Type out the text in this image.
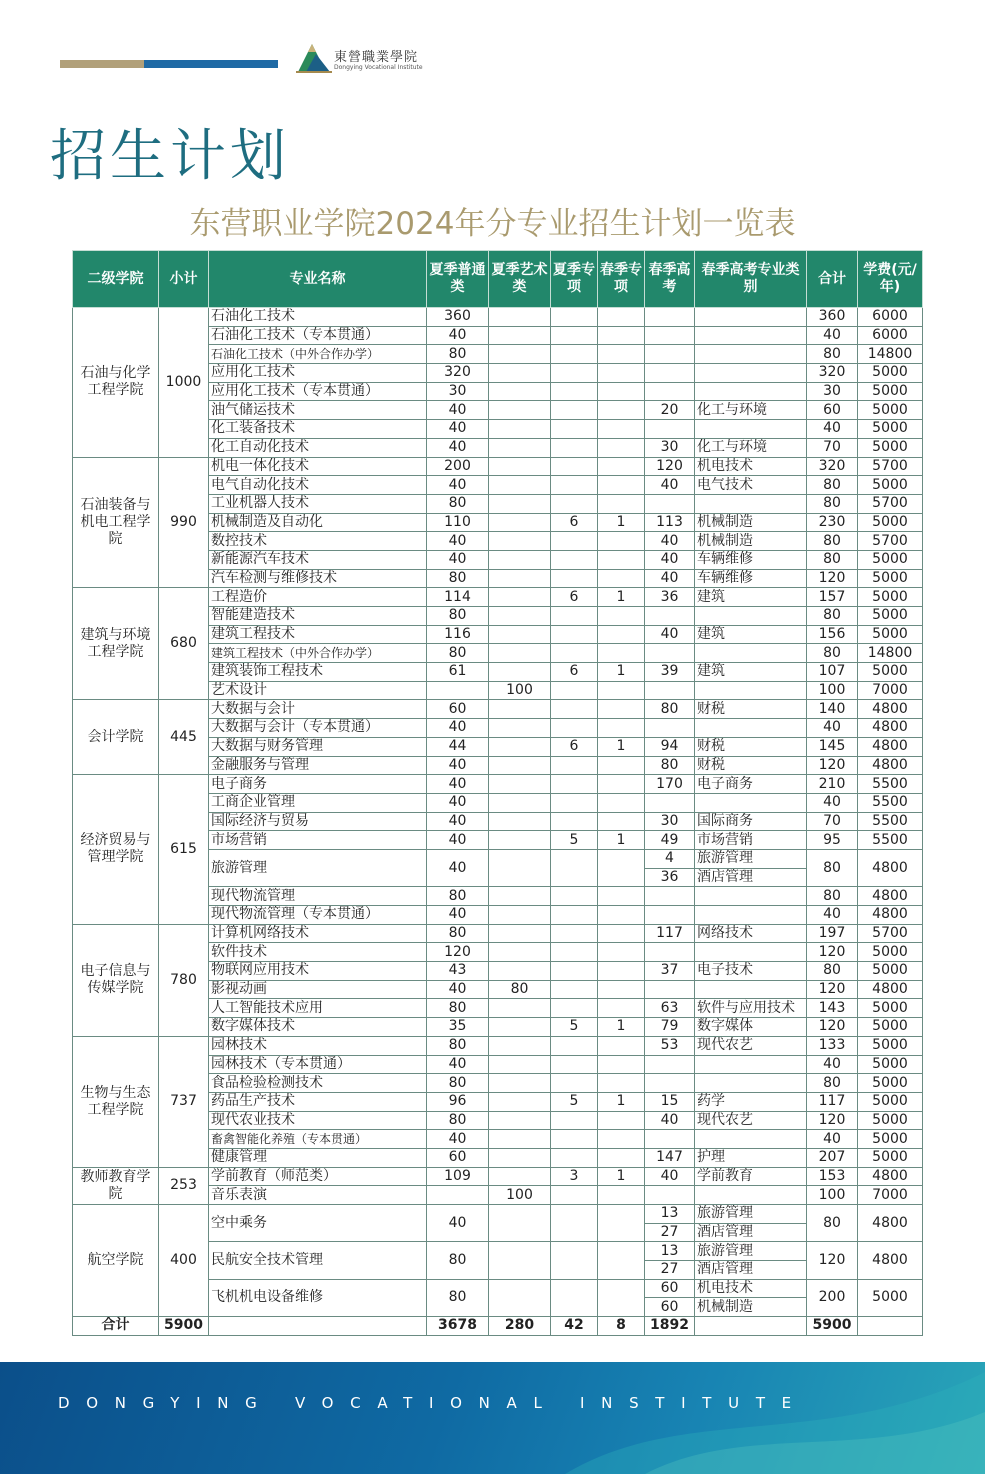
東營職業學院
Dongying Vocational Institute
招生计划
东营职业学院2024年分专业招生计划一览表
二级学院	小计	专业名称	夏季普通类	夏季艺术类	夏季专项	春季专项	春季高考	春季高考专业类别	合计	学费(元/年)
石油与化学工程学院	1000	石油化工技术	360						360	6000
		石油化工技术（专本贯通）	40						40	6000
		石油化工技术（中外合作办学）	80						80	14800
		应用化工技术	320						320	5000
		应用化工技术（专本贯通）	30						30	5000
		油气储运技术	40				20	化工与环境	60	5000
		化工装备技术	40						40	5000
		化工自动化技术	40				30	化工与环境	70	5000
石油装备与机电工程学院	990	机电一体化技术	200				120	机电技术	320	5700
		电气自动化技术	40				40	电气技术	80	5000
		工业机器人技术	80						80	5700
		机械制造及自动化	110		6	1	113	机械制造	230	5000
		数控技术	40				40	机械制造	80	5700
		新能源汽车技术	40				40	车辆维修	80	5000
		汽车检测与维修技术	80				40	车辆维修	120	5000
建筑与环境工程学院	680	工程造价	114		6	1	36	建筑	157	5000
		智能建造技术	80						80	5000
		建筑工程技术	116				40	建筑	156	5000
		建筑工程技术（中外合作办学）	80						80	14800
		建筑装饰工程技术	61		6	1	39	建筑	107	5000
		艺术设计		100					100	7000
会计学院	445	大数据与会计	60				80	财税	140	4800
		大数据与会计（专本贯通）	40						40	4800
		大数据与财务管理	44		6	1	94	财税	145	4800
		金融服务与管理	40				80	财税	120	4800
经济贸易与管理学院	615	电子商务	40				170	电子商务	210	5500
		工商企业管理	40						40	5500
		国际经济与贸易	40				30	国际商务	70	5500
		市场营销	40		5	1	49	市场营销	95	5500
		旅游管理	40				4	旅游管理	80	4800
							36	酒店管理		
		现代物流管理	80						80	4800
		现代物流管理（专本贯通）	40						40	4800
电子信息与传媒学院	780	计算机网络技术	80				117	网络技术	197	5700
		软件技术	120						120	5000
		物联网应用技术	43				37	电子技术	80	5000
		影视动画	40	80					120	4800
		人工智能技术应用	80				63	软件与应用技术	143	5000
		数字媒体技术	35		5	1	79	数字媒体	120	5000
生物与生态工程学院	737	园林技术	80				53	现代农艺	133	5000
		园林技术（专本贯通）	40						40	5000
		食品检验检测技术	80						80	5000
		药品生产技术	96		5	1	15	药学	117	5000
		现代农业技术	80				40	现代农艺	120	5000
		畜禽智能化养殖（专本贯通）	40						40	5000
		健康管理	60				147	护理	207	5000
教师教育学院	253	学前教育（师范类）	109		3	1	40	学前教育	153	4800
		音乐表演		100					100	7000
航空学院	400	空中乘务	40				13	旅游管理	80	4800
							27	酒店管理		
		民航安全技术管理	80				13	旅游管理	120	4800
							27	酒店管理		
		飞机机电设备维修	80				60	机电技术	200	5000
							60	机械制造		
合计	5900		3678	280	42	8	1892		5900	
DONGYING VOCATIONAL INSTITUTE
